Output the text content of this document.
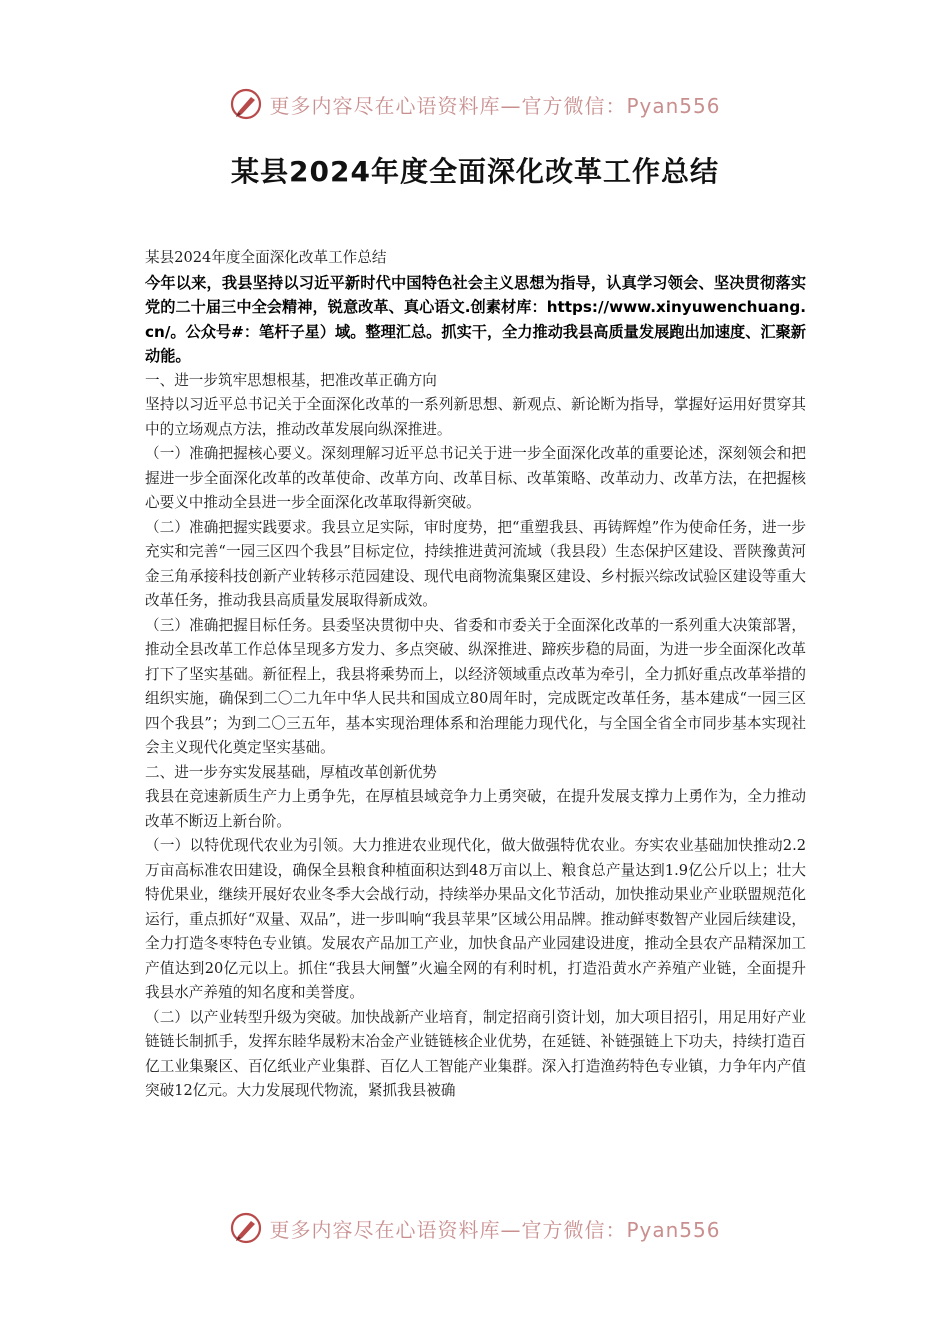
更多内容尽在心语资料库—官方微信：Pyan556
某县2024年度全面深化改革工作总结

某县2024年度全面深化改革工作总结

今年以来，我县坚持以习近平新时代中国特色社会主义思想为指导，认真学习领会、坚决贯彻落实党的二十届三中全会精神，锐意改革、真心语文.创素材库：https://www.xinyuwenchuang.cn/。公众号#：笔杆子星）域。整理汇总。抓实干，全力推动我县高质量发展跑出加速度、汇聚新动能。

一、进一步筑牢思想根基，把准改革正确方向

坚持以习近平总书记关于全面深化改革的一系列新思想、新观点、新论断为指导，掌握好运用好贯穿其中的立场观点方法，推动改革发展向纵深推进。

（一）准确把握核心要义。深刻理解习近平总书记关于进一步全面深化改革的重要论述，深刻领会和把握进一步全面深化改革的改革使命、改革方向、改革目标、改革策略、改革动力、改革方法，在把握核心要义中推动全县进一步全面深化改革取得新突破。

（二）准确把握实践要求。我县立足实际，审时度势，把“重塑我县、再铸辉煌”作为使命任务，进一步充实和完善“一园三区四个我县”目标定位，持续推进黄河流域（我县段）生态保护区建设、晋陕豫黄河金三角承接科技创新产业转移示范园建设、现代电商物流集聚区建设、乡村振兴综改试验区建设等重大改革任务，推动我县高质量发展取得新成效。

（三）准确把握目标任务。县委坚决贯彻中央、省委和市委关于全面深化改革的一系列重大决策部署，推动全县改革工作总体呈现多方发力、多点突破、纵深推进、蹄疾步稳的局面，为进一步全面深化改革打下了坚实基础。新征程上，我县将乘势而上，以经济领域重点改革为牵引，全力抓好重点改革举措的组织实施，确保到二〇二九年中华人民共和国成立80周年时，完成既定改革任务，基本建成“一园三区四个我县”；为到二〇三五年，基本实现治理体系和治理能力现代化，与全国全省全市同步基本实现社会主义现代化奠定坚实基础。

二、进一步夯实发展基础，厚植改革创新优势

我县在竞速新质生产力上勇争先，在厚植县域竞争力上勇突破，在提升发展支撑力上勇作为，全力推动改革不断迈上新台阶。

（一）以特优现代农业为引领。大力推进农业现代化，做大做强特优农业。夯实农业基础加快推动2.2万亩高标准农田建设，确保全县粮食种植面积达到48万亩以上、粮食总产量达到1.9亿公斤以上；壮大特优果业，继续开展好农业冬季大会战行动，持续举办果品文化节活动，加快推动果业产业联盟规范化运行，重点抓好“双量、双品”，进一步叫响“我县苹果”区域公用品牌。推动鲜枣数智产业园后续建设，全力打造冬枣特色专业镇。发展农产品加工产业，加快食品产业园建设进度，推动全县农产品精深加工产值达到20亿元以上。抓住“我县大闸蟹”火遍全网的有利时机，打造沿黄水产养殖产业链，全面提升我县水产养殖的知名度和美誉度。

（二）以产业转型升级为突破。加快战新产业培育，制定招商引资计划，加大项目招引，用足用好产业链链长制抓手，发挥东睦华晟粉末冶金产业链链核企业优势，在延链、补链强链上下功夫，持续打造百亿工业集聚区、百亿纸业产业集群、百亿人工智能产业集群。深入打造渔药特色专业镇，力争年内产值突破12亿元。大力发展现代物流，紧抓我县被确

更多内容尽在心语资料库—官方微信：Pyan556
